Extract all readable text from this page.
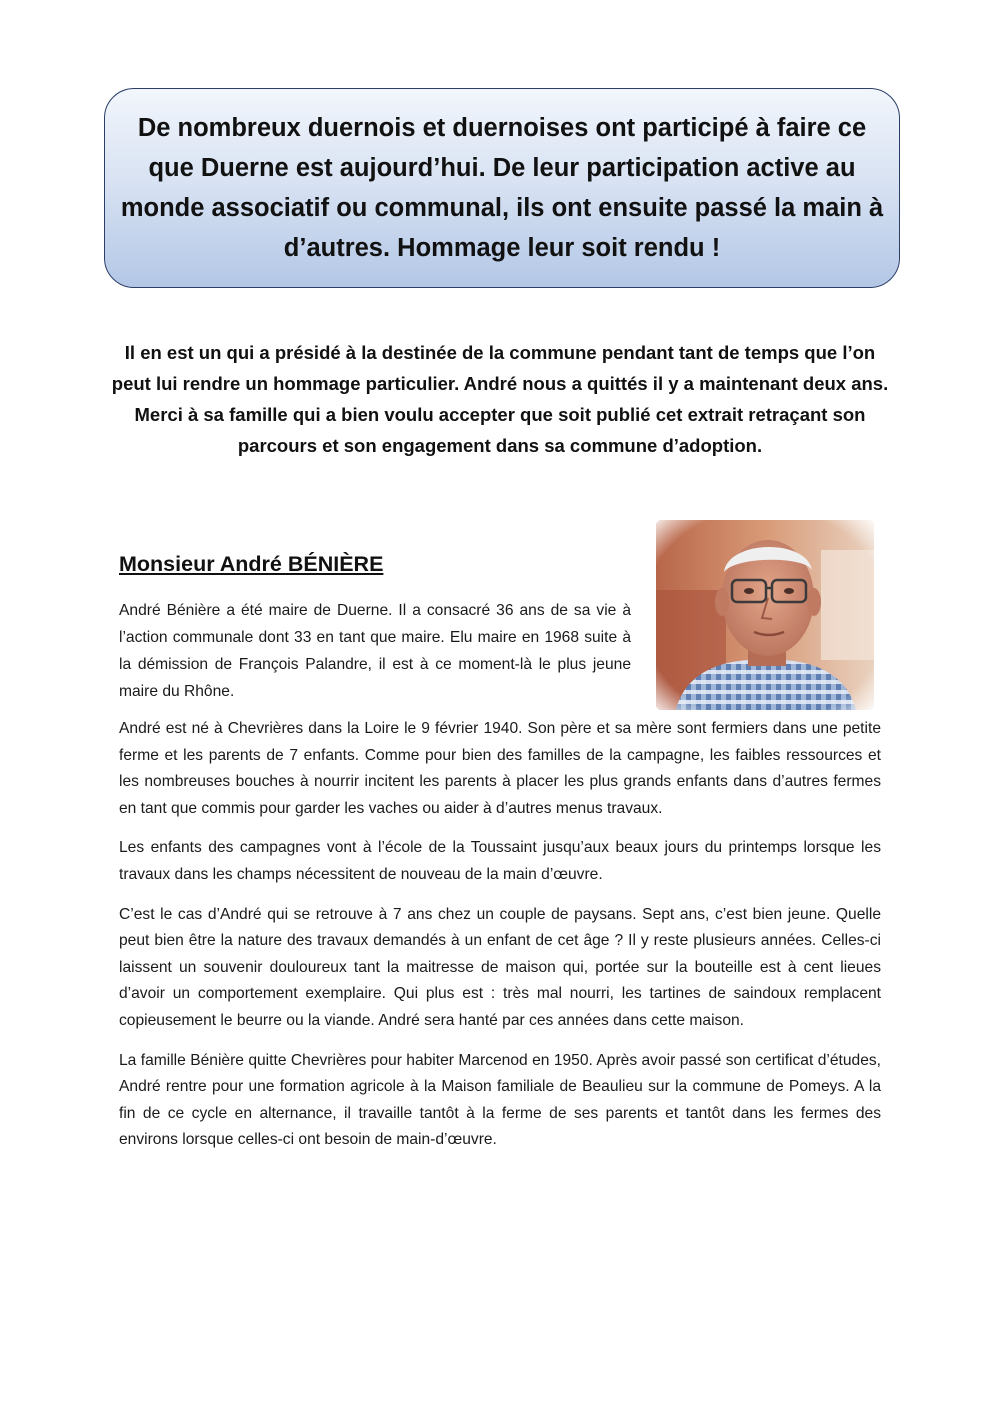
De nombreux duernois et duernoises ont participé à faire ce que Duerne est aujourd’hui. De leur participation active au monde associatif ou communal, ils ont ensuite passé la main à d’autres. Hommage leur soit rendu !

Il en est un qui a présidé à la destinée de la commune pendant tant de temps que l’on peut lui rendre un hommage particulier. André nous a quittés il y a maintenant deux ans.

Merci à sa famille qui a bien voulu accepter que soit publié cet extrait retraçant son parcours et son engagement dans sa commune d’adoption.

Monsieur André BÉNIÈRE

André Bénière a été maire de Duerne. Il a consacré 36 ans de sa vie à l’action communale dont 33 en tant que maire. Elu maire en 1968 suite à la démission de François Palandre, il est à ce moment-là le plus jeune maire du Rhône.

André est né à Chevrières dans la Loire le 9 février 1940. Son père et sa mère sont fermiers dans une petite ferme et les parents de 7 enfants. Comme pour bien des familles de la campagne, les faibles ressources et les nombreuses bouches à nourrir incitent les parents à placer les plus grands enfants dans d’autres fermes en tant que commis pour garder les vaches ou aider à d’autres menus travaux.

Les enfants des campagnes vont à l’école de la Toussaint jusqu’aux beaux jours du printemps lorsque les travaux dans les champs nécessitent de nouveau de la main d’œuvre.

C’est le cas d’André qui se retrouve à 7 ans chez un couple de paysans. Sept ans, c’est bien jeune. Quelle peut bien être la nature des travaux demandés à un enfant de cet âge ? Il y reste plusieurs années. Celles-ci laissent un souvenir douloureux tant la maitresse de maison qui, portée sur la bouteille est à cent lieues d’avoir un comportement exemplaire. Qui plus est : très mal nourri, les tartines de saindoux remplacent copieusement le beurre ou la viande. André sera hanté par ces années dans cette maison.

La famille Bénière quitte Chevrières pour habiter Marcenod en 1950. Après avoir passé son certificat d’études, André rentre pour une formation agricole à la Maison familiale de Beaulieu sur la commune de Pomeys. A la fin de ce cycle en alternance, il travaille tantôt à la ferme de ses parents et tantôt dans les fermes des environs lorsque celles-ci ont besoin de main-d’œuvre.
